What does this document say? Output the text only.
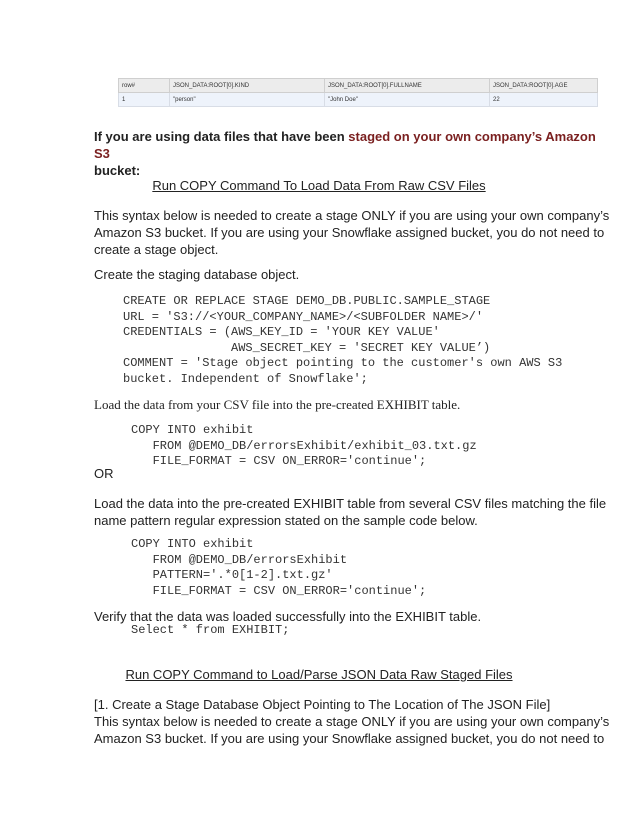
row#	JSON_DATA:ROOT[0].KIND	JSON_DATA:ROOT[0].FULLNAME	JSON_DATA:ROOT[0].AGE
1	"person"	"John Doe"	22
If you are using data files that have been staged on your own company’s Amazon S3
bucket:
Run COPY Command To Load Data From Raw CSV Files
This syntax below is needed to create a stage ONLY if you are using your own company’s
Amazon S3 bucket. If you are using your Snowflake assigned bucket, you do not need to
create a stage object.
Create the staging database object.
CREATE OR REPLACE STAGE DEMO_DB.PUBLIC.SAMPLE_STAGE
URL = 'S3://<YOUR_COMPANY_NAME>/<SUBFOLDER NAME>/'
CREDENTIALS = (AWS_KEY_ID = 'YOUR KEY VALUE'
AWS_SECRET_KEY = 'SECRET KEY VALUE’)
COMMENT = 'Stage object pointing to the customer's own AWS S3
bucket. Independent of Snowflake';
Load the data from your CSV file into the pre-created EXHIBIT table.
COPY INTO exhibit
FROM @DEMO_DB/errorsExhibit/exhibit_03.txt.gz
FILE_FORMAT = CSV ON_ERROR='continue';
OR
Load the data into the pre-created EXHIBIT table from several CSV files matching the file
name pattern regular expression stated on the sample code below.
COPY INTO exhibit
FROM @DEMO_DB/errorsExhibit
PATTERN='.*0[1-2].txt.gz'
FILE_FORMAT = CSV ON_ERROR='continue';
Verify that the data was loaded successfully into the EXHIBIT table.
Select * from EXHIBIT;
Run COPY Command to Load/Parse JSON Data Raw Staged Files
[1. Create a Stage Database Object Pointing to The Location of The JSON File]
This syntax below is needed to create a stage ONLY if you are using your own company’s
Amazon S3 bucket. If you are using your Snowflake assigned bucket, you do not need to
